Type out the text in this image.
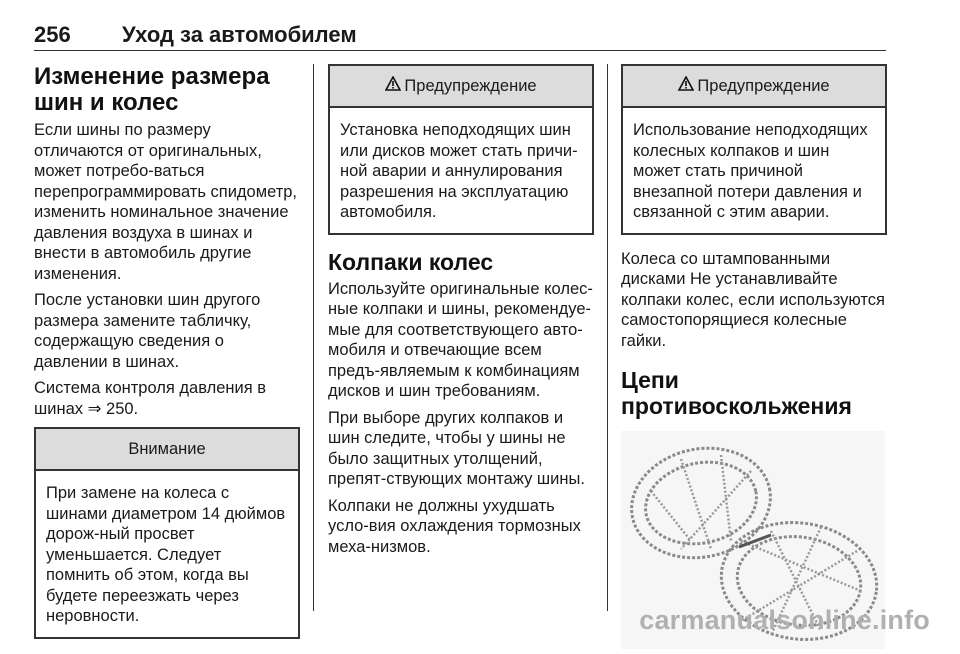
256 Уход за автомобилем
Изменение размера шин и колес

Если шины по размеру отличаются от оригинальных, может потребо-ваться перепрограммировать спидометр, изменить номинальное значение давления воздуха в шинах и внести в автомобиль другие изменения.

После установки шин другого размера замените табличку, содержащую сведения о давлении в шинах.

Система контроля давления в шинах ⇒ 250.

Внимание
При замене на колеса с шинами диаметром 14 дюймов дорож-ный просвет уменьшается. Следует помнить об этом, когда вы будете переезжать через неровности.
Предупреждение
Установка неподходящих шин или дисков может стать причи-ной аварии и аннулирования разрешения на эксплуатацию автомобиля.
Колпаки колес

Используйте оригинальные колес-ные колпаки и шины, рекомендуе-мые для соответствующего авто-мобиля и отвечающие всем предъ-являемым к комбинациям дисков и шин требованиям.

При выборе других колпаков и шин следите, чтобы у шины не было защитных утолщений, препят-ствующих монтажу шины.

Колпаки не должны ухудшать усло-вия охлаждения тормозных меха-низмов.

Предупреждение
Использование неподходящих колесных колпаков и шин может стать причиной внезапной потери давления и связанной с этим аварии.

Колеса со штампованными дисками Не устанавливайте колпаки колес, если используются самостопорящиеся колесные гайки.

Цепи противоскольжения
carmanualsonline.info
